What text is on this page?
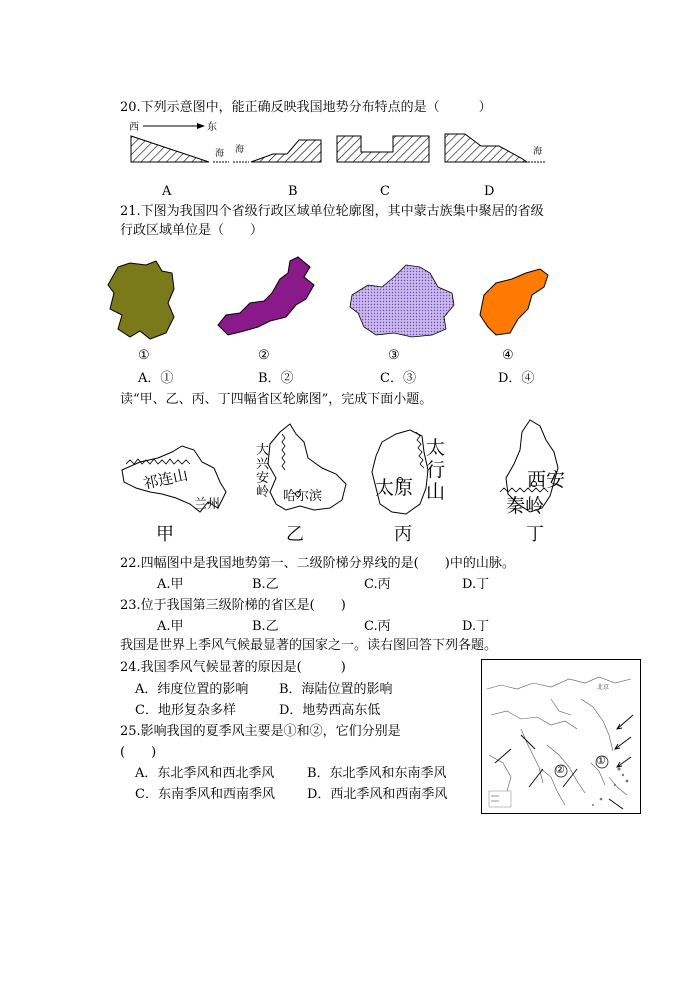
20.下列示意图中，能正确反映我国地势分布特点的是（　　　）
西	东
海 海	海
A	B	C	D
21.下图为我国四个省级行政区域单位轮廓图，其中蒙古族集中聚居的省级
行政区域单位是（　　）
①	②	③	④
A．①	B．②	C．③	D．④
读“甲、乙、丙、丁四幅省区轮廓图”，完成下面小题。
祁连山
兰州
大
兴
安
岭 哈尔滨
太
行
山
太原	西安
秦岭
甲	乙	丙	丁
22.四幅图中是我国地势第一、二级阶梯分界线的是(　　)中的山脉。
A.甲	B.乙	C.丙	D.丁
23.位于我国第三级阶梯的省区是(　　)
A.甲	B.乙	C.丙	D.丁
我国是世界上季风气候最显著的国家之一。读右图回答下列各题。
24.我国季风气候显著的原因是(　　　)
A．纬度位置的影响 B．海陆位置的影响
C．地形复杂多样	D．地势西高东低
25.影响我国的夏季风主要是①和②，它们分别是
(　　)
A．东北季风和西北季风	B．东北季风和东南季风
C．东南季风和西南季风 D．西北季风和西南季风
北京
①
②
